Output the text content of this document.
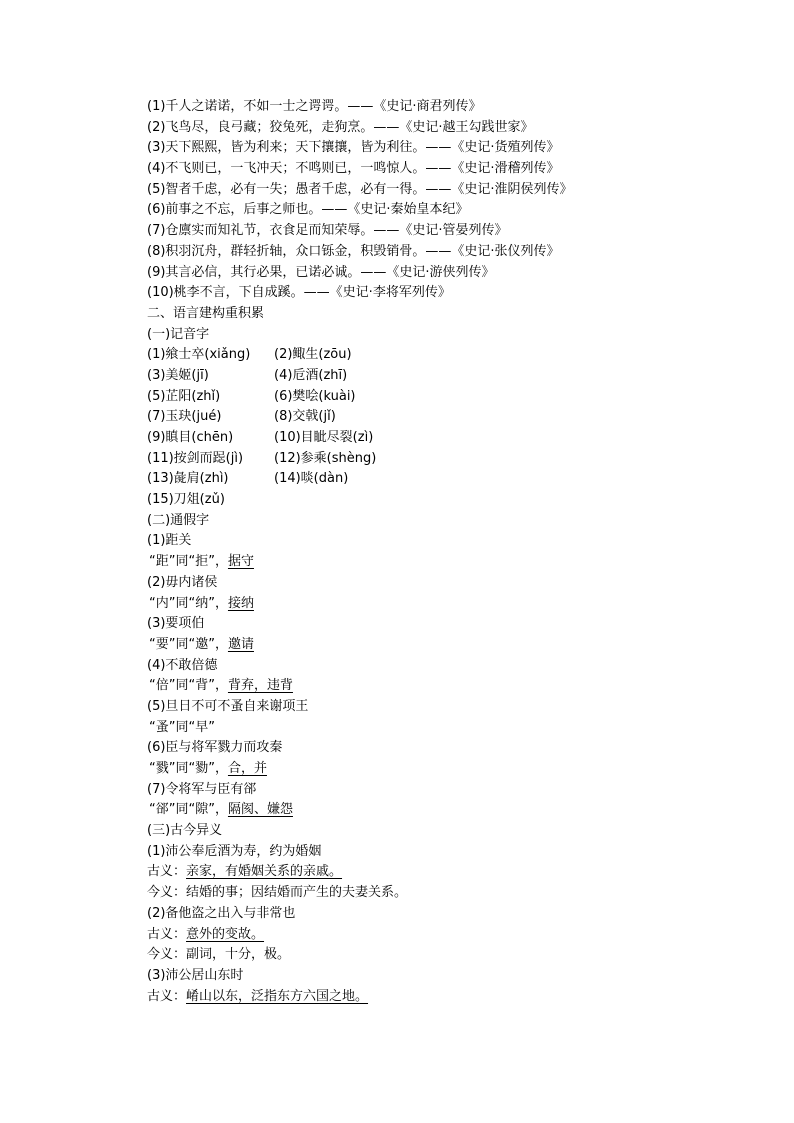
(1)千人之诺诺，不如一士之谔谔。——《史记·商君列传》
(2)飞鸟尽，良弓藏；狡兔死，走狗烹。——《史记·越王勾践世家》
(3)天下熙熙，皆为利来；天下攘攘，皆为利往。——《史记·货殖列传》
(4)不飞则已，一飞冲天；不鸣则已，一鸣惊人。——《史记·滑稽列传》
(5)智者千虑，必有一失；愚者千虑，必有一得。——《史记·淮阴侯列传》
(6)前事之不忘，后事之师也。——《史记·秦始皇本纪》
(7)仓廪实而知礼节，衣食足而知荣辱。——《史记·管晏列传》
(8)积羽沉舟，群轻折轴，众口铄金，积毁销骨。——《史记·张仪列传》
(9)其言必信，其行必果，已诺必诚。——《史记·游侠列传》
(10)桃李不言，下自成蹊。——《史记·李将军列传》
二、语言建构重积累
(一)记音字
(1)飨士卒(xiǎng) (2)鲰生(zōu)
(3)美姬(jī)	(4)卮酒(zhī)
(5)芷阳(zhǐ)	(6)樊哙(kuài)
(7)玉玦(jué)	(8)交戟(jǐ)
(9)瞋目(chēn)	(10)目眦尽裂(zì)
(11)按剑而跽(jì) (12)参乘(shèng)
(13)彘肩(zhì)	(14)啖(dàn)
(15)刀俎(zǔ)
(二)通假字
(1)距关
“距”同“拒”，据守
(2)毋内诸侯
“内”同“纳”，接纳
(3)要项伯
“要”同“邀”，邀请
(4)不敢倍德
“倍”同“背”，背弃，违背
(5)旦日不可不蚤自来谢项王
“蚤”同“早”
(6)臣与将军戮力而攻秦
“戮”同“勠”，合，并
(7)令将军与臣有郤
“郤”同“隙”，隔阂、嫌怨
(三)古今异义
(1)沛公奉卮酒为寿，约为婚姻
古义：亲家，有婚姻关系的亲戚。
今义：结婚的事；因结婚而产生的夫妻关系。
(2)备他盗之出入与非常也
古义：意外的变故。
今义：副词，十分，极。
(3)沛公居山东时
古义：崤山以东，泛指东方六国之地。
